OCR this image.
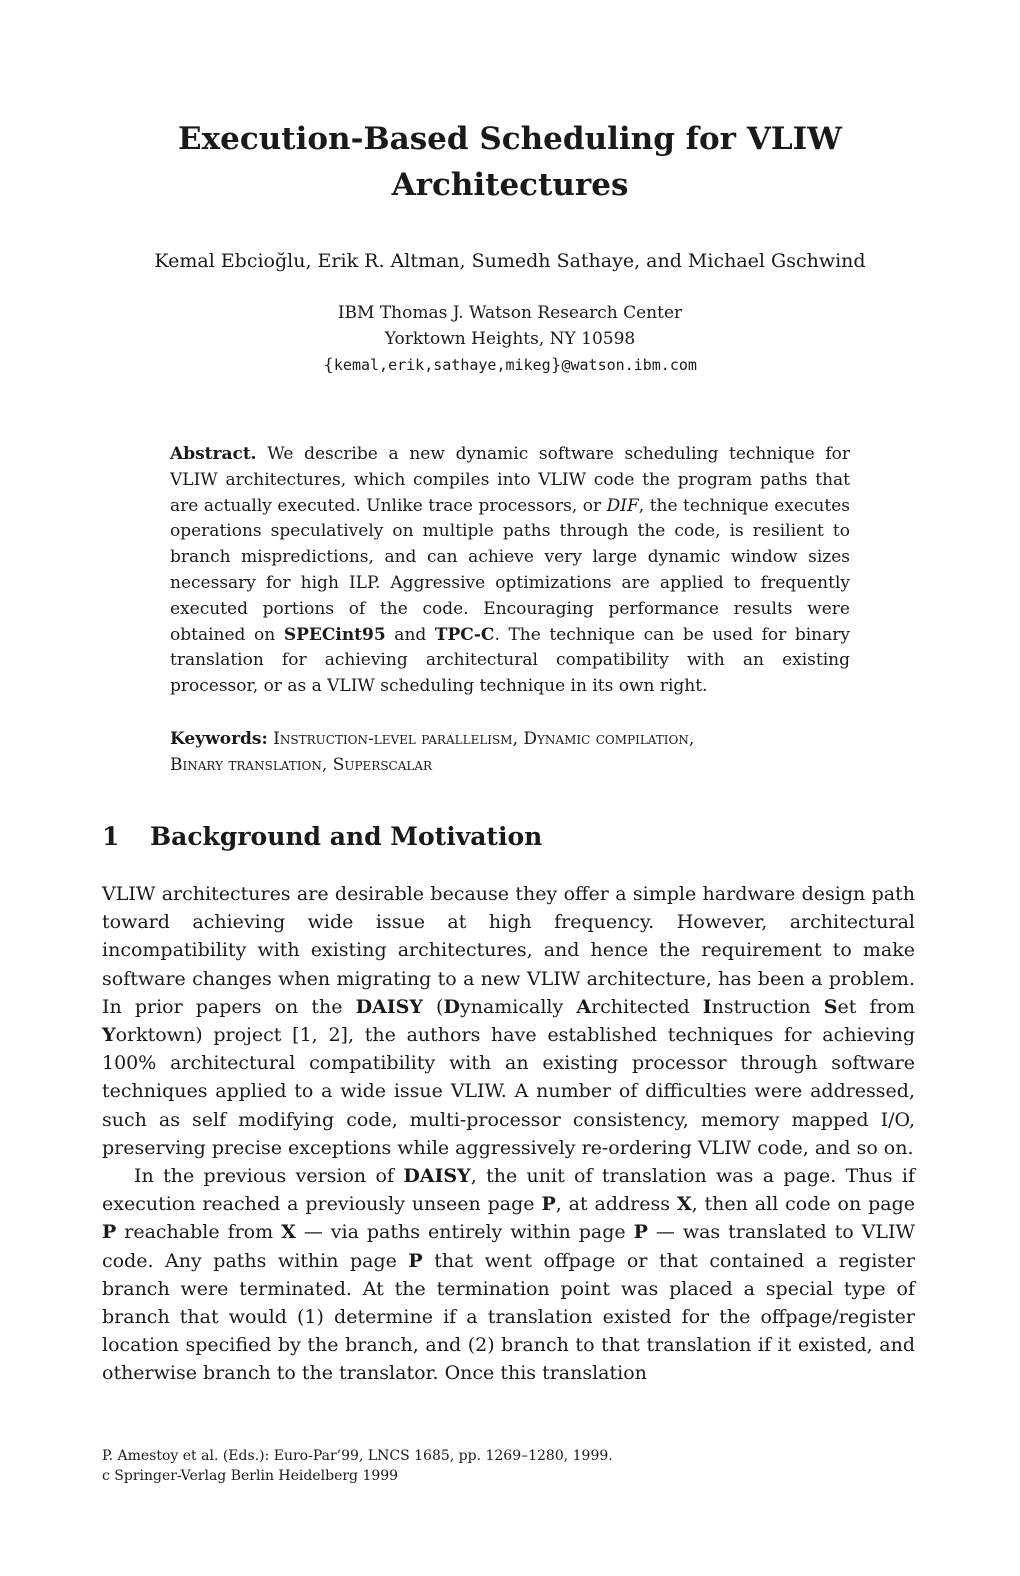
Execution-Based Scheduling for VLIW
Architectures
Kemal Ebcioğlu, Erik R. Altman, Sumedh Sathaye, and Michael Gschwind
IBM Thomas J. Watson Research Center
Yorktown Heights, NY 10598
{kemal,erik,sathaye,mikeg}@watson.ibm.com
Abstract. We describe a new dynamic software scheduling technique for VLIW architectures, which compiles into VLIW code the program paths that are actually executed. Unlike trace processors, or DIF, the technique executes operations speculatively on multiple paths through the code, is resilient to branch mispredictions, and can achieve very large dynamic window sizes necessary for high ILP. Aggressive optimizations are applied to frequently executed portions of the code. Encouraging performance results were obtained on SPECint95 and TPC-C. The technique can be used for binary translation for achieving architectural compatibility with an existing processor, or as a VLIW scheduling technique in its own right.
Keywords: Instruction-level parallelism, Dynamic compilation,
Binary translation, Superscalar
1 Background and Motivation

VLIW architectures are desirable because they offer a simple hardware design path toward achieving wide issue at high frequency. However, architectural incompatibility with existing architectures, and hence the requirement to make software changes when migrating to a new VLIW architecture, has been a problem. In prior papers on the DAISY (Dynamically Architected Instruction Set from Yorktown) project [1, 2], the authors have established techniques for achieving 100% architectural compatibility with an existing processor through software techniques applied to a wide issue VLIW. A number of difficulties were addressed, such as self modifying code, multi-processor consistency, memory mapped I/O, preserving precise exceptions while aggressively re-ordering VLIW code, and so on.

In the previous version of DAISY, the unit of translation was a page. Thus if execution reached a previously unseen page P, at address X, then all code on page P reachable from X — via paths entirely within page P — was translated to VLIW code. Any paths within page P that went offpage or that contained a register branch were terminated. At the termination point was placed a special type of branch that would (1) determine if a translation existed for the offpage/register location specified by the branch, and (2) branch to that translation if it existed, and otherwise branch to the translator. Once this translation

P. Amestoy et al. (Eds.): Euro-Par’99, LNCS 1685, pp. 1269–1280, 1999.
c Springer-Verlag Berlin Heidelberg 1999
